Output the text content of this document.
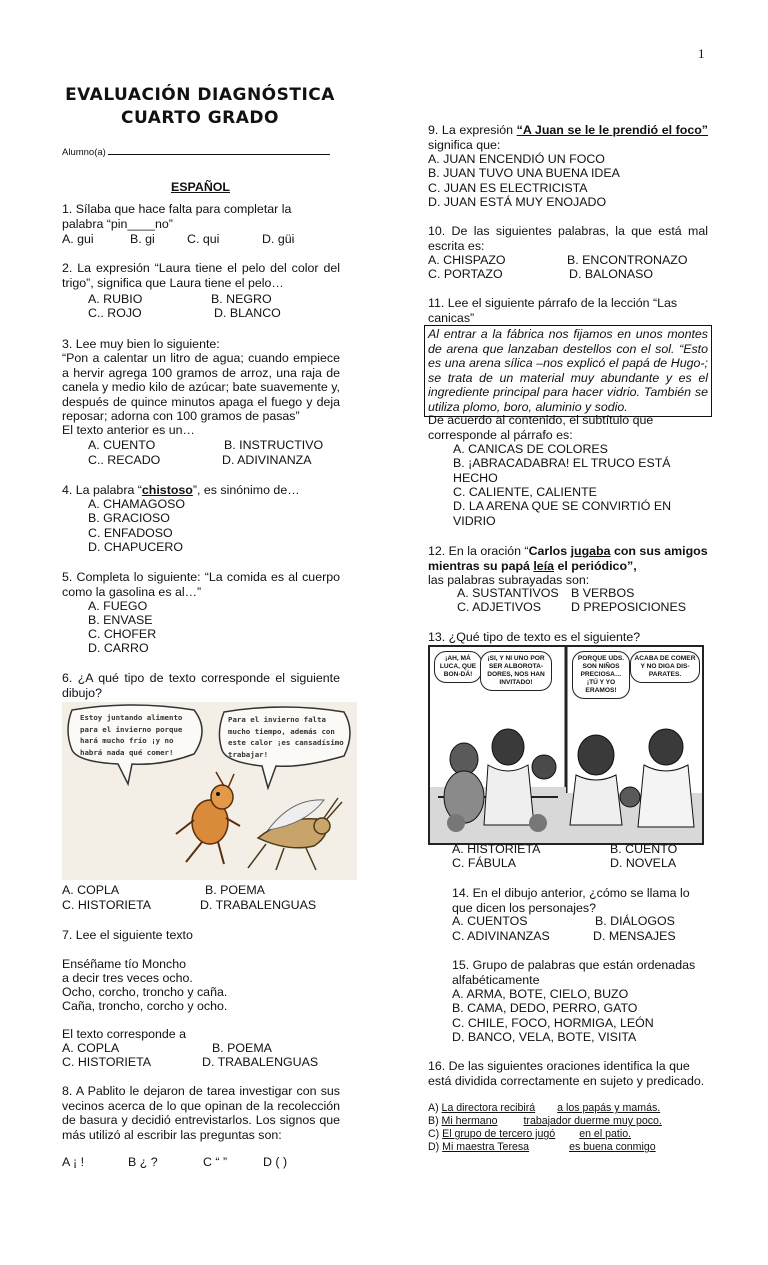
1
EVALUACIÓN DIAGNÓSTICA
CUARTO GRADO
Alumno(a)
ESPAÑOL
1. Sílaba que hace falta para completar la palabra “pin____no”
A. gui	B. gi	C. qui	D. güi
2. La expresión “Laura tiene el pelo del color del trigo”, significa que Laura tiene el pelo…
A. RUBIO	B. NEGRO
C.. ROJO	D. BLANCO
3. Lee muy bien lo siguiente:
“Pon a calentar un litro de agua; cuando empiece a hervir agrega 100 gramos de arroz, una raja de canela y medio kilo de azúcar; bate suavemente y, después de quince minutos apaga el fuego y deja reposar; adorna con 100 gramos de pasas”
El texto anterior es un…
A. CUENTO	B. INSTRUCTIVO
C.. RECADO	D. ADIVINANZA
4. La palabra “chistoso”, es sinónimo de…
A. CHAMAGOSO
B. GRACIOSO
C. ENFADOSO
D. CHAPUCERO
5. Completa lo siguiente: “La comida es al cuerpo como la gasolina es al…”
A. FUEGO
B. ENVASE
C. CHOFER
D. CARRO
6. ¿A qué tipo de texto corresponde el siguiente dibujo?
Estoy juntando alimento para el invierno porque hará mucho frío ¡y no habrá nada qué comer!
Para el invierno falta mucho tiempo, además con este calor ¡es cansadísimo trabajar!
A. COPLA	B. POEMA
C. HISTORIETA	D. TRABALENGUAS
7. Lee el siguiente texto
Enséñame tío Moncho
a decir tres veces ocho.
Ocho, corcho, troncho y caña.
Caña, troncho, corcho y ocho.
El texto corresponde a
A. COPLA	B. POEMA
C. HISTORIETA	D. TRABALENGUAS
8. A Pablito le dejaron de tarea investigar con sus vecinos acerca de lo que opinan de la recolección de basura y decidió entrevistarlos. Los signos que más utilizó al escribir las preguntas son:
A ¡ !	B ¿ ?	C “ ”	D ( )
9. La expresión “A Juan se le le prendió el foco” significa que:
A. JUAN ENCENDIÓ UN FOCO
B. JUAN TUVO UNA BUENA IDEA
C. JUAN ES ELECTRICISTA
D. JUAN ESTÁ MUY ENOJADO
10. De las siguientes palabras, la que está mal escrita es:
A. CHISPAZO	B. ENCONTRONAZO
C. PORTAZO	D. BALONASO
11. Lee el siguiente párrafo de la lección “Las canicas”
Al entrar a la fábrica nos fijamos en unos montes de arena que lanzaban destellos con el sol. “Esto es una arena sílica –nos explicó el papá de Hugo-; se trata de un material muy abundante y es el ingrediente principal para hacer vidrio. También se utiliza plomo, boro, aluminio y sodio.
De acuerdo al contenido, el subtítulo que corresponde al párrafo es:
A. CANICAS DE COLORES
B. ¡ABRACADABRA! EL TRUCO ESTÁ HECHO
C. CALIENTE, CALIENTE
D. LA ARENA QUE SE CONVIRTIÓ EN VIDRIO
12. En la oración “Carlos jugaba con sus amigos mientras su papá leía el periódico”,
las palabras subrayadas son:
A. SUSTANTIVOS B VERBOS
C. ADJETIVOS D PREPOSICIONES
13. ¿Qué tipo de texto es el siguiente?
¡AH, MÁ LUCA, QUE BON-DÁ!
¡SI, Y NI UNO POR SER ALBOROTA-DORES, NOS HAN INVITADO!
PORQUE UDS. SON NIÑOS PRECIOSA… ¡TÚ Y YO ERAMOS!
ACABA DE COMER Y NO DIGA DIS-PARATES.
A. HISTORIETA	B. CUENTO
C. FÁBULA	D. NOVELA
14. En el dibujo anterior, ¿cómo se llama lo que dicen los personajes?
A. CUENTOS	B. DIÁLOGOS
C. ADIVINANZAS	D. MENSAJES
15. Grupo de palabras que están ordenadas alfabéticamente
A. ARMA, BOTE, CIELO, BUZO
B. CAMA, DEDO, PERRO, GATO
C. CHILE, FOCO, HORMIGA, LEÓN
D. BANCO, VELA, BOTE, VISITA
16. De las siguientes oraciones identifica la que está dividida correctamente en sujeto y predicado.
A) La directora recibirá a los papás y mamás.
B) Mi hermano trabajador duerme muy poco.
C) El grupo de tercero jugó en el patio.
D) Mi maestra Teresa	es buena conmigo
